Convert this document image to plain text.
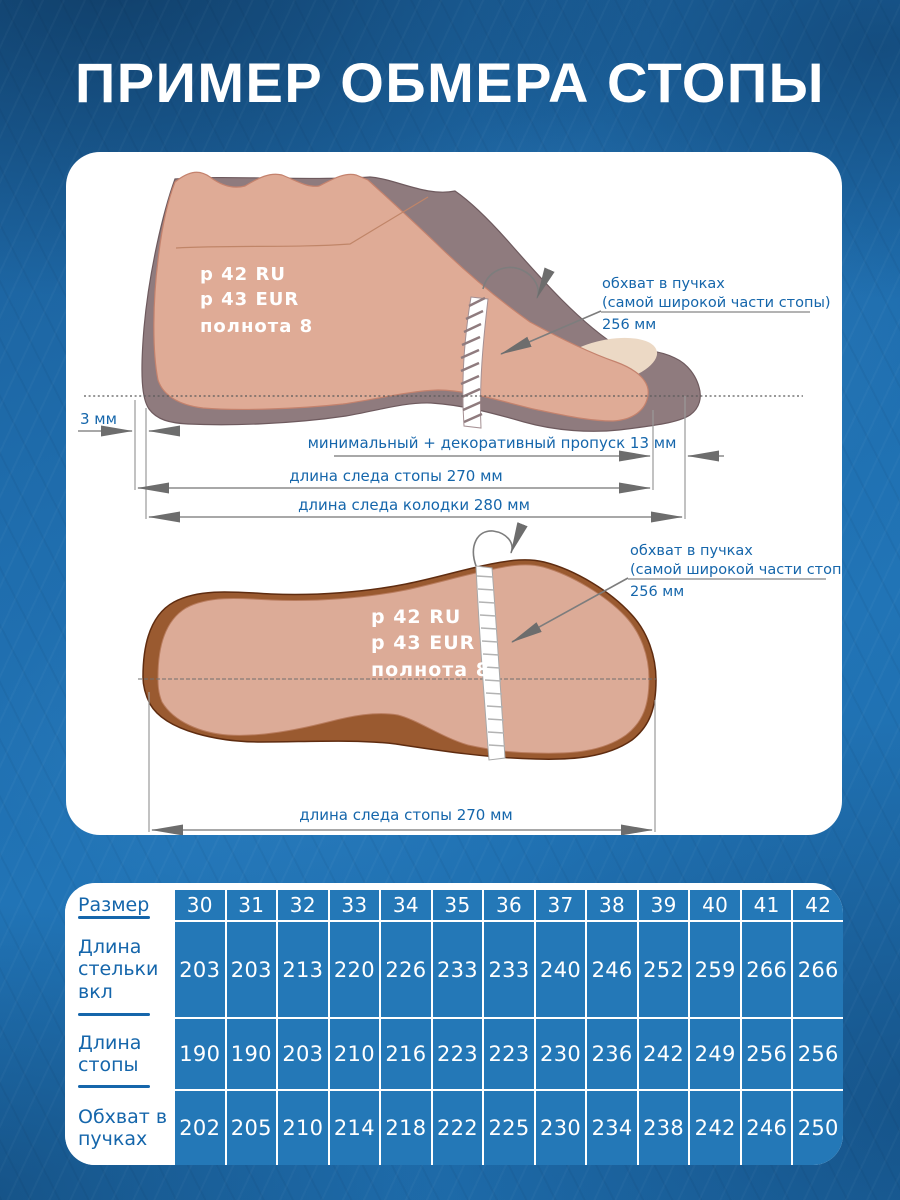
ПРИМЕР ОБМЕРА СТОПЫ
3 мм
минимальный + декоративный пропуск 13 мм
длина следа стопы 270 мм
длина следа колодки 280 мм
обхват в пучках
(самой широкой части стопы)
256 мм
р 42 RU
р 43 EUR
полнота 8
обхват в пучках
(самой широкой части стопы)
256 мм
р 42 RU
р 43 EUR
полнота 8
длина следа стопы 270 мм
Размер	30	31	32	33	34	35	36	37	38	39	40	41	42
Длина стельки вкл
203 203 213 220 226 233 233 240 246 252 259 266 266
Длина стопы	190 190 203 210 216 223 223 230 236 242 249 256 256
Обхват в пучках	202 205 210 214 218 222 225 230 234 238 242 246 250
